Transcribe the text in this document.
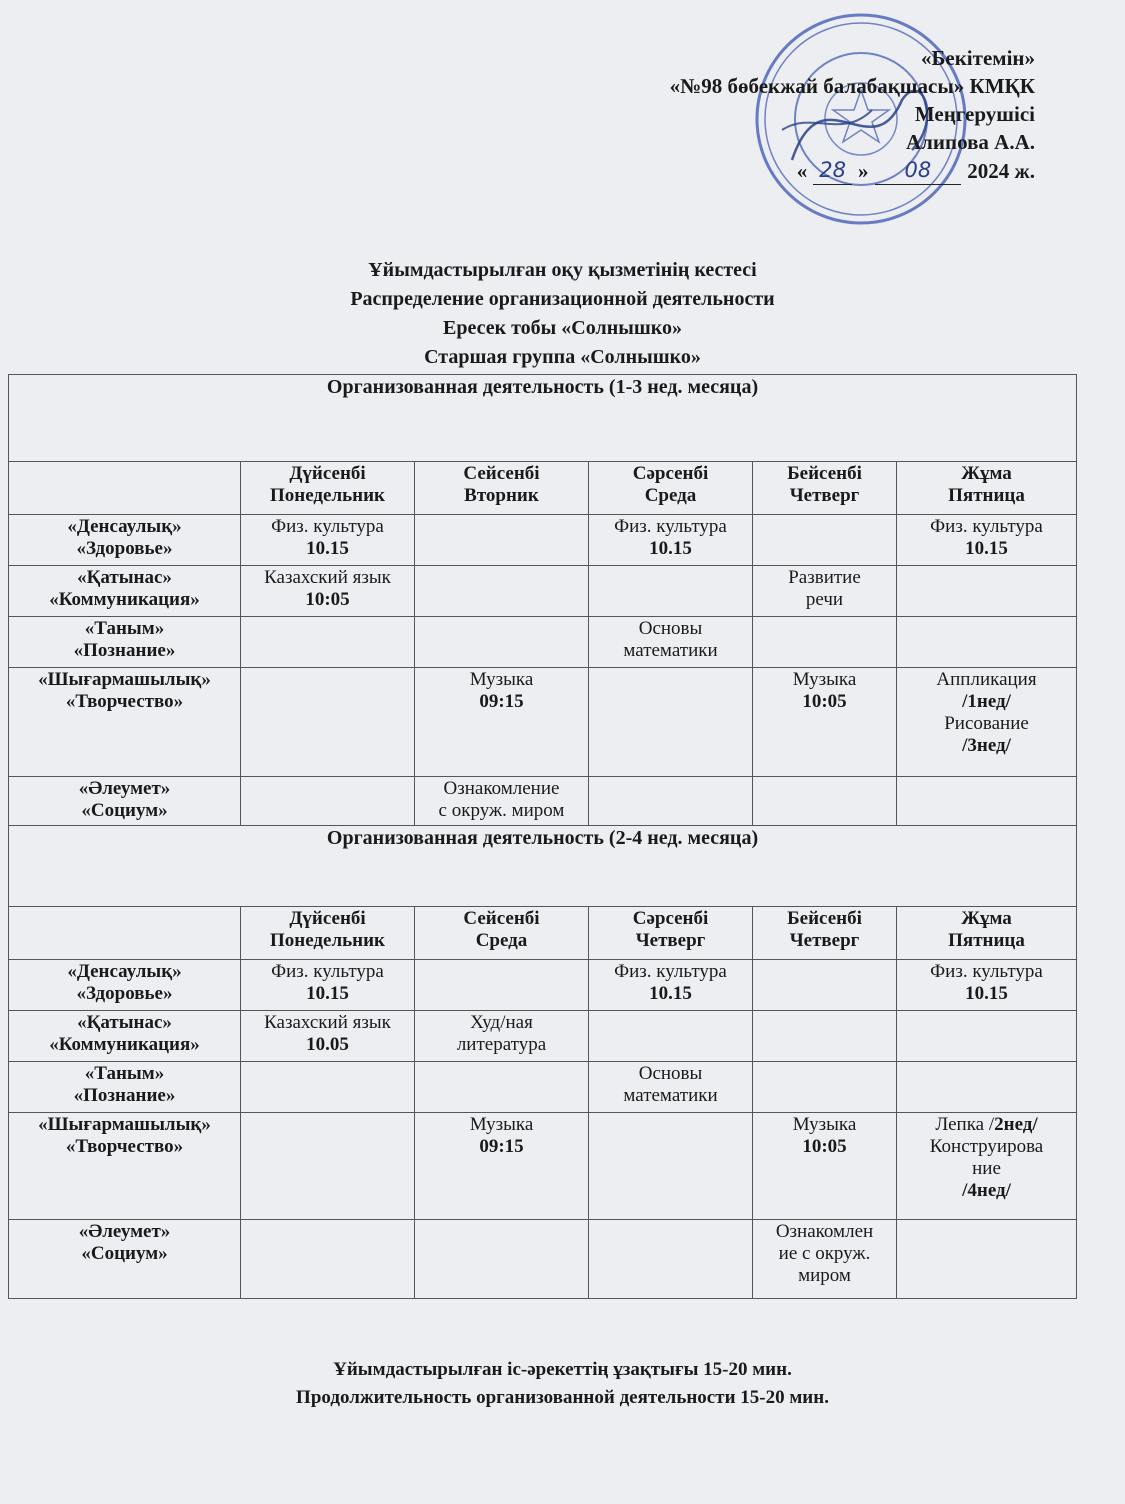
«Бекітемін»
«№98 бөбекжай балабақшасы» КМҚК
Меңгерушісі
Алипова А.А.
« 28 »	08	2024 ж.
Ұйымдастырылған оқу қызметінің кестесі
Распределение организационной деятельности
Ересек тобы «Солнышко»
Старшая группа «Солнышко»
Организованная деятельность (1-3 нед. месяца)					

	Дүйсенбі
Понедельник	Сейсенбі
Вторник	Сәрсенбі
Среда	Бейсенбі
Четверг	Жұма
Пятница

«Денсаулық»
«Здоровье»	Физ. культура
10.15		Физ. культура
10.15		Физ. культура
10.15

«Қатынас»
«Коммуникация»	Казахский язык
10:05			Развитие
речи	

«Таным»
«Познание»			Основы
математики		

«Шығармашылық»
«Творчество»		Музыка
09:15		Музыка
10:05	Аппликация
/1нед/
Рисование
/3нед/

«Әлеумет»
«Социум»		Ознакомление
с окруж. миром			

Организованная деятельность (2-4 нед. месяца)					

	Дүйсенбі
Понедельник	Сейсенбі
Среда	Сәрсенбі
Четверг	Бейсенбі
Четверг	Жұма
Пятница

«Денсаулық»
«Здоровье»	Физ. культура
10.15		Физ. культура
10.15		Физ. культура
10.15

«Қатынас»
«Коммуникация»	Казахский язык
10.05	Худ/ная
литература			

«Таным»
«Познание»			Основы
математики		

«Шығармашылық»
«Творчество»		Музыка
09:15		Музыка
10:05	Лепка /2нед/
Конструирова
ние
/4нед/

«Әлеумет»
«Социум»				Ознакомлен
ие с окруж.
миром	

Ұйымдастырылған іс-әрекеттің ұзақтығы 15-20 мин.
Продолжительность организованной деятельности 15-20 мин.
